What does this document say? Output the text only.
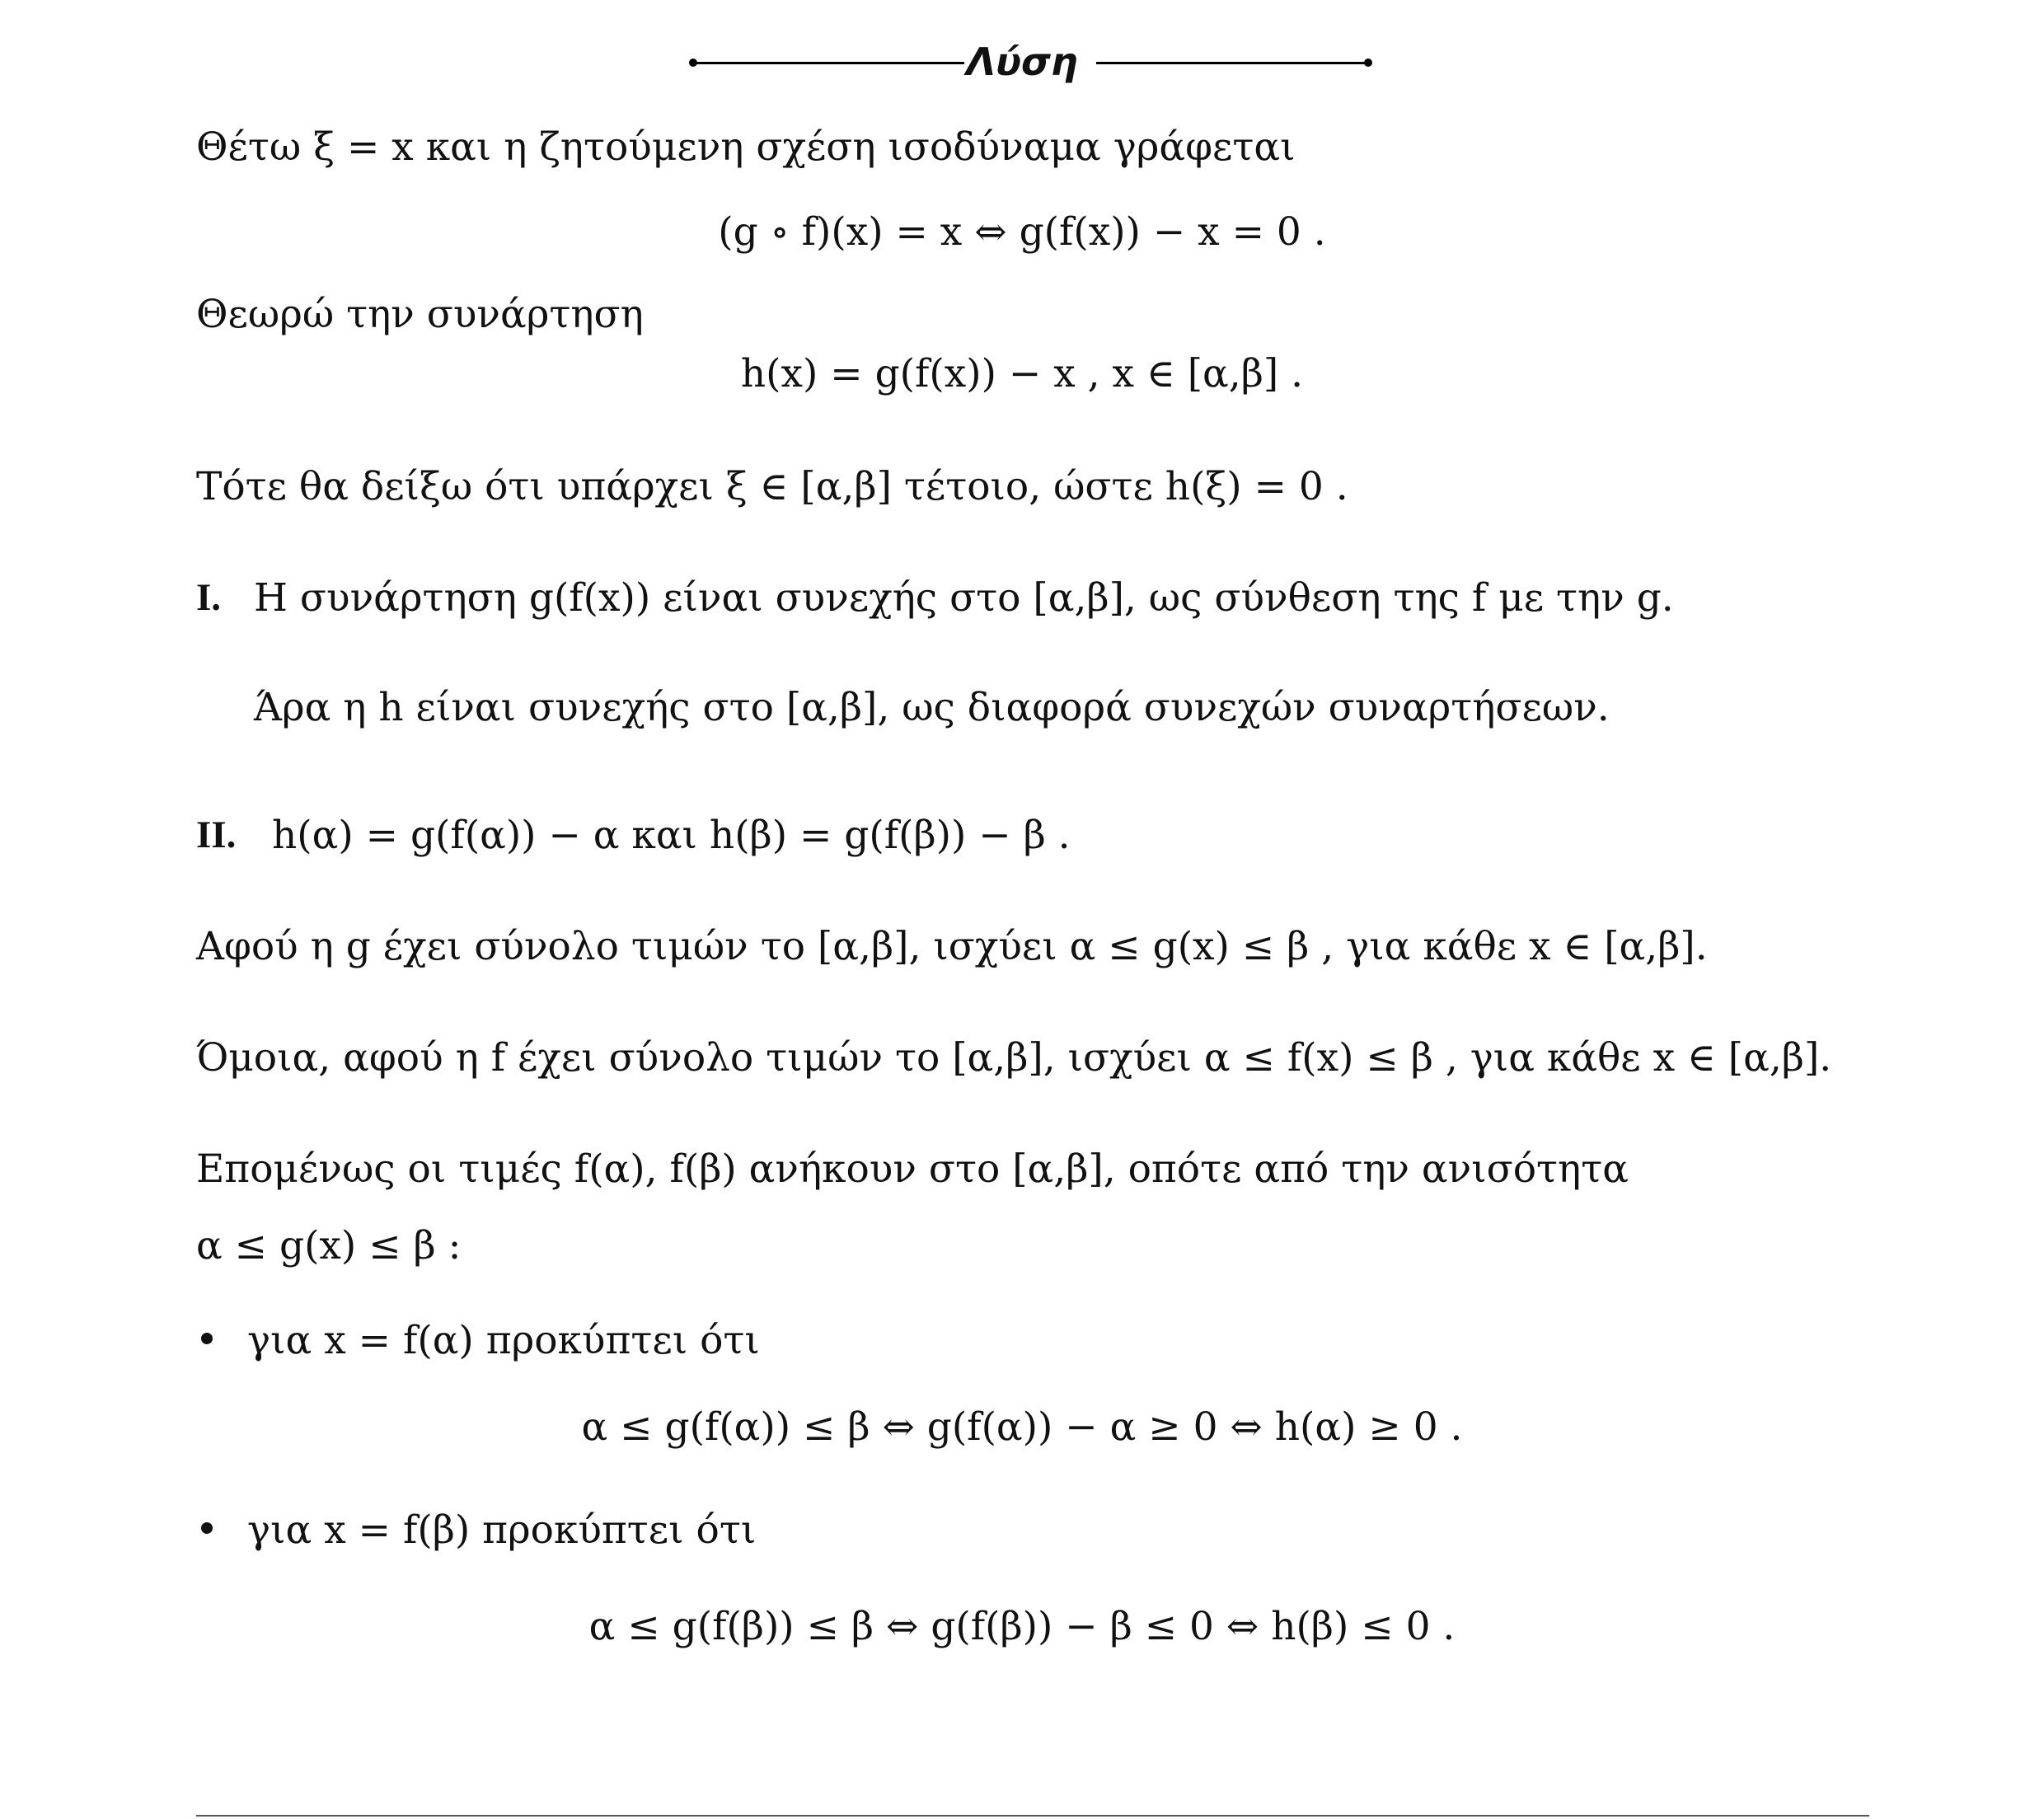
Λύση
Θέτω ξ = x και η ζητούμενη σχέση ισοδύναμα γράφεται
(g ∘ f)(x) = x ⇔ g(f(x)) − x = 0 .
Θεωρώ την συνάρτηση
h(x) = g(f(x)) − x , x ∈ [α,β] .
Τότε θα δείξω ότι υπάρχει ξ ∈ [α,β] τέτοιο, ώστε h(ξ) = 0 .
I. Η συνάρτηση g(f(x)) είναι συνεχής στο [α,β], ως σύνθεση της f με την g.
Άρα η h είναι συνεχής στο [α,β], ως διαφορά συνεχών συναρτήσεων.
II. h(α) = g(f(α)) − α και h(β) = g(f(β)) − β .
Αφού η g έχει σύνολο τιμών το [α,β], ισχύει α ≤ g(x) ≤ β , για κάθε x ∈ [α,β].
Όμοια, αφού η f έχει σύνολο τιμών το [α,β], ισχύει α ≤ f(x) ≤ β , για κάθε x ∈ [α,β].
Επομένως οι τιμές f(α), f(β) ανήκουν στο [α,β], οπότε από την ανισότητα
α ≤ g(x) ≤ β :
για x = f(α) προκύπτει ότι
α ≤ g(f(α)) ≤ β ⇔ g(f(α)) − α ≥ 0 ⇔ h(α) ≥ 0 .
για x = f(β) προκύπτει ότι
α ≤ g(f(β)) ≤ β ⇔ g(f(β)) − β ≤ 0 ⇔ h(β) ≤ 0 .
